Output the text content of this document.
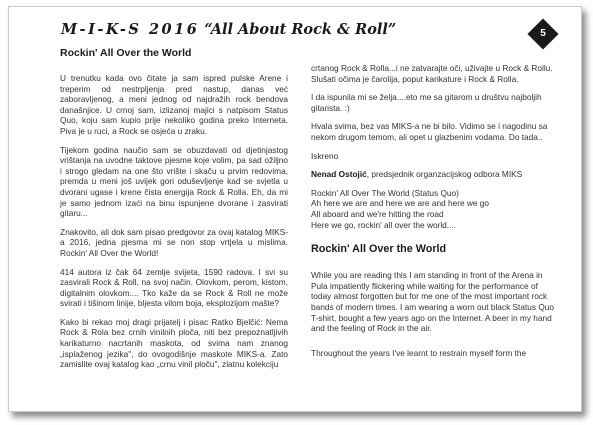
M-I-K-S 2016 “All About Rock & Roll”	5
Rockin' All Over the World

U trenutku kada ovo čitate ja sam ispred pulske Arene i treperim od nestrpljenja pred nastup, danas već zaboravljenog, a meni jednog od najdražih rock bendova današnjice. U crnoj sam, izlizanoj majici s natpisom Status Quo, koju sam kupio prije nekoliko godina preko Interneta. Piva je u ruci, a Rock se osjeća u zraku.

Tijekom godina naučio sam se obuzdavati od djetinjastog vrištanja na uvodne taktove pjesme koje volim, pa sad ožiljno i strogo gledam na one što vrište i skaču u prvim redovima, premda u meni još uvijek gori oduševljenje kad se svjetla u dvorani ugase i krene čista energija Rock & Rolla. Eh, da mi je samo jednom izaći na binu ispunjene dvorane i zasvirati gitaru...

Znakovito, ali dok sam pisao predgovor za ovaj katalog MIKS-a 2016, jedna pjesma mi se non stop vrtjela u mislima. Rockin' All Over the World!

414 autora iz čak 64 zemlje svijeta, 1590 radova. I svi su zasvirali Rock & Roll, na svoj način. Olovkom, perom, kistom, digitalnim olovkom.... Tko kaže da se Rock & Roll ne može svirati i tišinom linije, bljesta vilom boja, eksplozijom mašte?

Kako bi rekao moj dragi prijatelj i pisac Ratko Bjelčić: Nema Rock & Rola bez crnih vinilnih ploča, niti bez prepoznatljivih karikaturno nacrtanih maskota, od svima nam znanog „isplaženog jezika", do ovogodišnje maskote MIKS-a. Zato zamislite ovaj katalog kao „crnu vinil ploču", zlatnu kolekciju

crtanog Rock & Rolla...i ne zatvarajte oči, uživajte u Rock & Rollu. Slušati očima je čarolija, poput karikature i Rock & Rolla.

I da ispunila mi se želja....eto me sa gitarom u društvu najboljih gitarista. :)

Hvala svima, bez vas MIKS-a ne bi bilo. Vidimo se i nagodinu sa nekom drugom temom, ali opet u glazbenim vodama. Do tada..

Iskreno

Nenad Ostojić, predsjednik organzacijskog odbora MIKS

Rockin' All Over The World (Status Quo)

Ah here we are and here we are and here we go

All aboard and we're hitting the road

Here we go, rockin' all over the world....

Rockin' All Over the World

While you are reading this I am standing in front of the Arena in Pula impatiently flickering while waiting for the performance of today almost forgotten but for me one of the most important rock bands of modern times. I am wearing a worn out black Status Quo T-shirt, bought a few years ago on the Internet. A beer in my hand and the feeling of Rock in the air.

Throughout the years I've learnt to restrain myself form the
